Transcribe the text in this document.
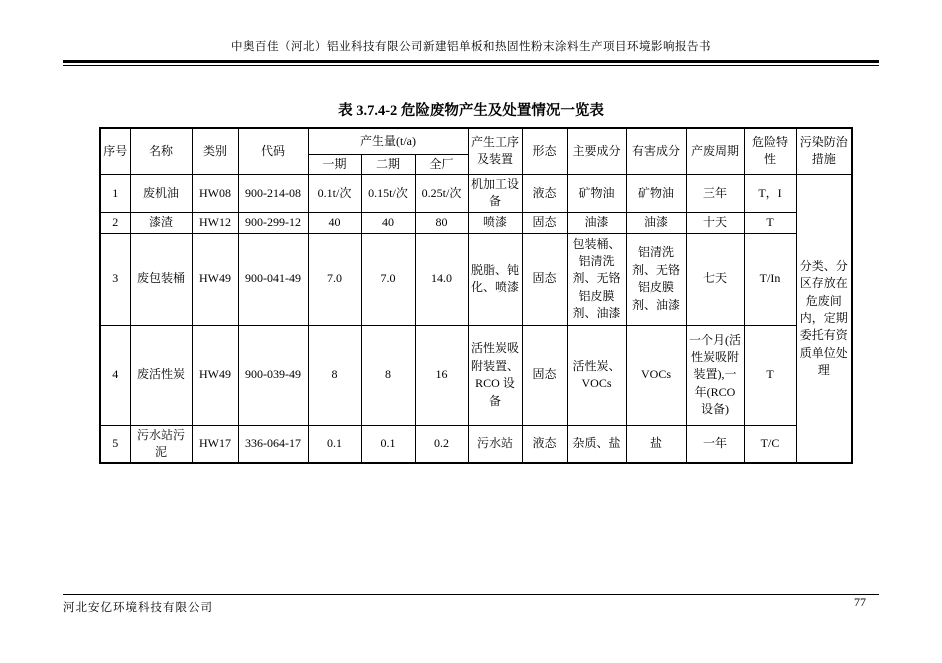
中奥百佳（河北）铝业科技有限公司新建铝单板和热固性粉末涂料生产项目环境影响报告书
表 3.7.4-2 危险废物产生及处置情况一览表
序号	名称	类别	代码	产生量(t/a)			产生工序及装置	形态	主要成分	有害成分	产废周期	危险特性	污染防治措施
				一期	二期	全厂							
1	废机油	HW08	900-214-08	0.1t/次	0.15t/次	0.25t/次	机加工设备	液态	矿物油	矿物油	三年	T，I	分类、分区存放在危废间内，定期委托有资质单位处理
2	漆渣	HW12	900-299-12	40	40	80	喷漆	固态	油漆	油漆	十天	T	
3	废包装桶	HW49	900-041-49	7.0	7.0	14.0	脱脂、钝化、喷漆	固态	包装桶、铝清洗剂、无铬铝皮膜剂、油漆	铝清洗剂、无铬铝皮膜剂、油漆	七天	T/In	
4	废活性炭	HW49	900-039-49	8	8	16	活性炭吸附装置、RCO 设备	固态	活性炭、VOCs	VOCs	一个月(活性炭吸附装置),一年(RCO 设备)	T	
5	污水站污泥	HW17	336-064-17	0.1	0.1	0.2	污水站	液态	杂质、盐	盐	一年	T/C	
河北安亿环境科技有限公司	77
